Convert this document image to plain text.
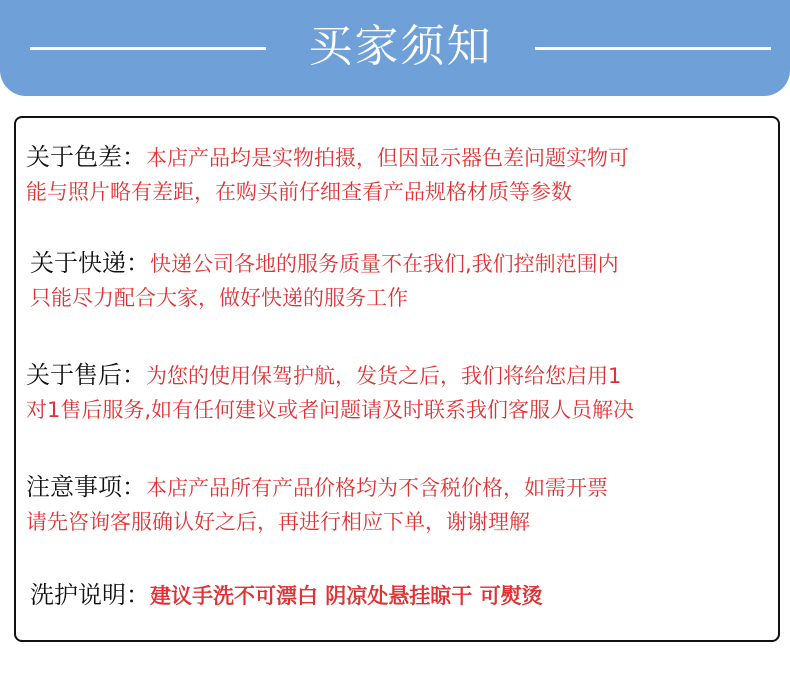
买家须知
关于色差：本店产品均是实物拍摄，但因显示器色差问题实物可
能与照片略有差距，在购买前仔细查看产品规格材质等参数
关于快递：快递公司各地的服务质量不在我们,我们控制范围内
只能尽力配合大家，做好快递的服务工作
关于售后：为您的使用保驾护航，发货之后，我们将给您启用1
对1售后服务,如有任何建议或者问题请及时联系我们客服人员解决
注意事项：本店产品所有产品价格均为不含税价格，如需开票
请先咨询客服确认好之后，再进行相应下单，谢谢理解
洗护说明：建议手洗不可漂白 阴凉处悬挂晾干 可熨烫
